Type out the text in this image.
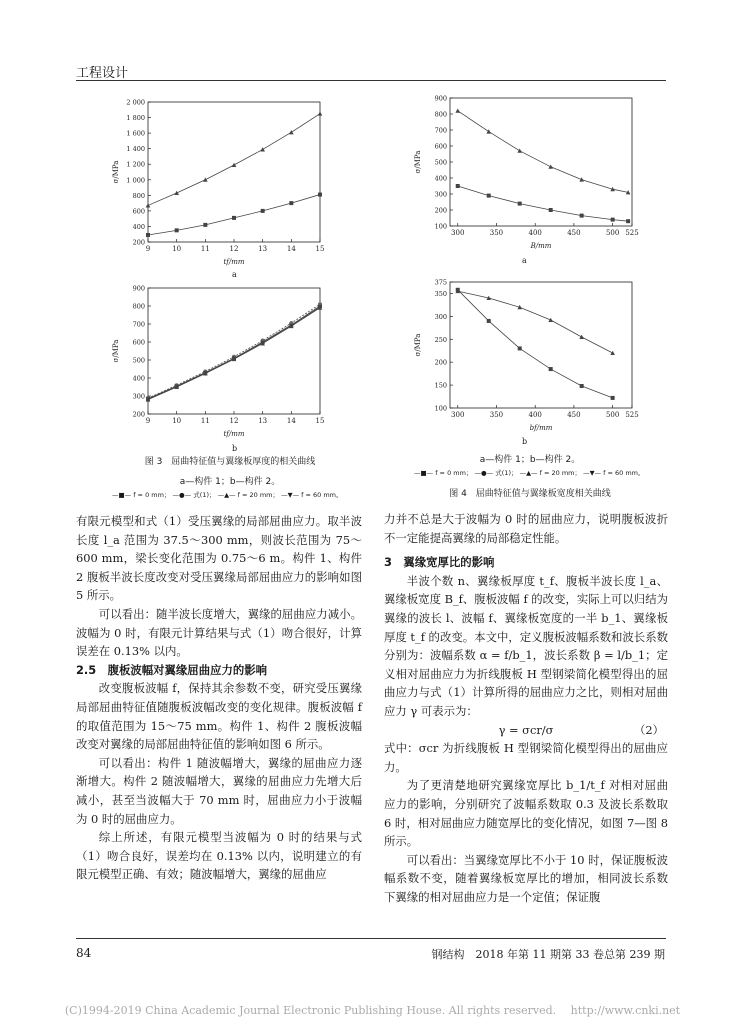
工程设计
9	10	11	12	13	14	15
200
400
600
800
1 000
1 200
1 400
1 600
1 800
2 000
tf/mm
σ/MPa
a
9	10	11	12	13	14	15
200
300
400
500
600
700
800
900
tf/mm
σ/MPa
b
图 3　屈曲特征值与翼缘板厚度的相关曲线
a—构件 1；b—构件 2。
—■— f = 0 mm； —●— 式(1)； —▲— f = 20 mm； —▼— f = 60 mm。
300	350	400	450	500 525
100
200
300
400
500
600
700
800
900
B/mm
σ/MPa
a
300	350	400	450	500 525
100
150
200
250
300
350
375
bf/mm
σ/MPa
b
a—构件 1；b—构件 2。
—■— f = 0 mm； —●— 式(1)； —▲— f = 20 mm； —▼— f = 60 mm。
图 4　屈曲特征值与翼缘板宽度相关曲线

有限元模型和式（1）受压翼缘的局部屈曲应力。取半波长度 l_a 范围为 37.5～300 mm，则波长范围为 75～600 mm，梁长变化范围为 0.75～6 m。构件 1、构件 2 腹板半波长度改变对受压翼缘局部屈曲应力的影响如图 5 所示。

可以看出：随半波长度增大，翼缘的屈曲应力减小。波幅为 0 时，有限元计算结果与式（1）吻合很好，计算误差在 0.13% 以内。

2.5　腹板波幅对翼缘屈曲应力的影响

改变腹板波幅 f，保持其余参数不变，研究受压翼缘局部屈曲特征值随腹板波幅改变的变化规律。腹板波幅 f 的取值范围为 15～75 mm。构件 1、构件 2 腹板波幅改变对翼缘的局部屈曲特征值的影响如图 6 所示。

可以看出：构件 1 随波幅增大，翼缘的屈曲应力逐渐增大。构件 2 随波幅增大，翼缘的屈曲应力先增大后减小，甚至当波幅大于 70 mm 时，屈曲应力小于波幅为 0 时的屈曲应力。

综上所述，有限元模型当波幅为 0 时的结果与式（1）吻合良好，误差均在 0.13% 以内，说明建立的有限元模型正确、有效；随波幅增大，翼缘的屈曲应

力并不总是大于波幅为 0 时的屈曲应力，说明腹板波折不一定能提高翼缘的局部稳定性能。

3　翼缘宽厚比的影响

半波个数 n、翼缘板厚度 t_f、腹板半波长度 l_a、翼缘板宽度 B_f、腹板波幅 f 的改变，实际上可以归结为翼缘的波长 l、波幅 f、翼缘板宽度的一半 b_1、翼缘板厚度 t_f 的改变。本文中，定义腹板波幅系数和波长系数分别为：波幅系数 α = f/b_1，波长系数 β = l/b_1；定义相对屈曲应力为折线腹板 H 型钢梁简化模型得出的屈曲应力与式（1）计算所得的屈曲应力之比，则相对屈曲应力 γ 可表示为：

γ = σcr/σ	（2）

式中：σcr 为折线腹板 H 型钢梁简化模型得出的屈曲应力。

为了更清楚地研究翼缘宽厚比 b_1/t_f 对相对屈曲应力的影响，分别研究了波幅系数取 0.3 及波长系数取 6 时，相对屈曲应力随宽厚比的变化情况，如图 7—图 8 所示。

可以看出：当翼缘宽厚比不小于 10 时，保证腹板波幅系数不变，随着翼缘板宽厚比的增加，相同波长系数下翼缘的相对屈曲应力是一个定值；保证腹

84	钢结构　2018 年第 11 期第 33 卷总第 239 期
(C)1994-2019 China Academic Journal Electronic Publishing House. All rights reserved.　 http://www.cnki.net
